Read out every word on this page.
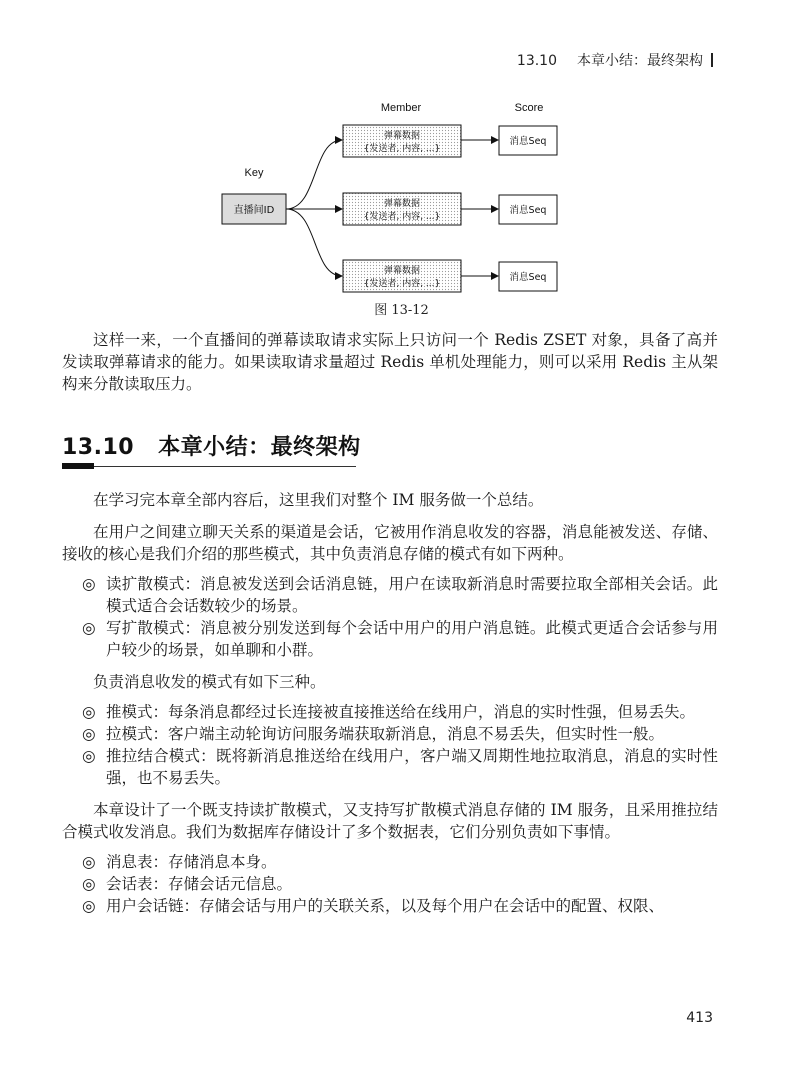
13.10 本章小结：最终架构
Member	Score
Key
直播间ID
弹幕数据
{发送者, 内容, ...}
消息Seq
弹幕数据
{发送者, 内容, ...}
消息Seq
弹幕数据
{发送者, 内容, ...}
消息Seq
图 13-12

这样一来，一个直播间的弹幕读取请求实际上只访问一个 Redis ZSET 对象，具备了高并发读取弹幕请求的能力。如果读取请求量超过 Redis 单机处理能力，则可以采用 Redis 主从架构来分散读取压力。

13.10 本章小结：最终架构

在学习完本章全部内容后，这里我们对整个 IM 服务做一个总结。

在用户之间建立聊天关系的渠道是会话，它被用作消息收发的容器，消息能被发送、存储、接收的核心是我们介绍的那些模式，其中负责消息存储的模式有如下两种。

◎ 读扩散模式：消息被发送到会话消息链，用户在读取新消息时需要拉取全部相关会话。此模式适合会话数较少的场景。
◎ 写扩散模式：消息被分别发送到每个会话中用户的用户消息链。此模式更适合会话参与用户较少的场景，如单聊和小群。

负责消息收发的模式有如下三种。

◎ 推模式：每条消息都经过长连接被直接推送给在线用户，消息的实时性强，但易丢失。
◎ 拉模式：客户端主动轮询访问服务端获取新消息，消息不易丢失，但实时性一般。
◎ 推拉结合模式：既将新消息推送给在线用户，客户端又周期性地拉取消息，消息的实时性强，也不易丢失。

本章设计了一个既支持读扩散模式，又支持写扩散模式消息存储的 IM 服务，且采用推拉结合模式收发消息。我们为数据库存储设计了多个数据表，它们分别负责如下事情。

◎ 消息表：存储消息本身。
◎ 会话表：存储会话元信息。
◎ 用户会话链：存储会话与用户的关联关系，以及每个用户在会话中的配置、权限、
413
